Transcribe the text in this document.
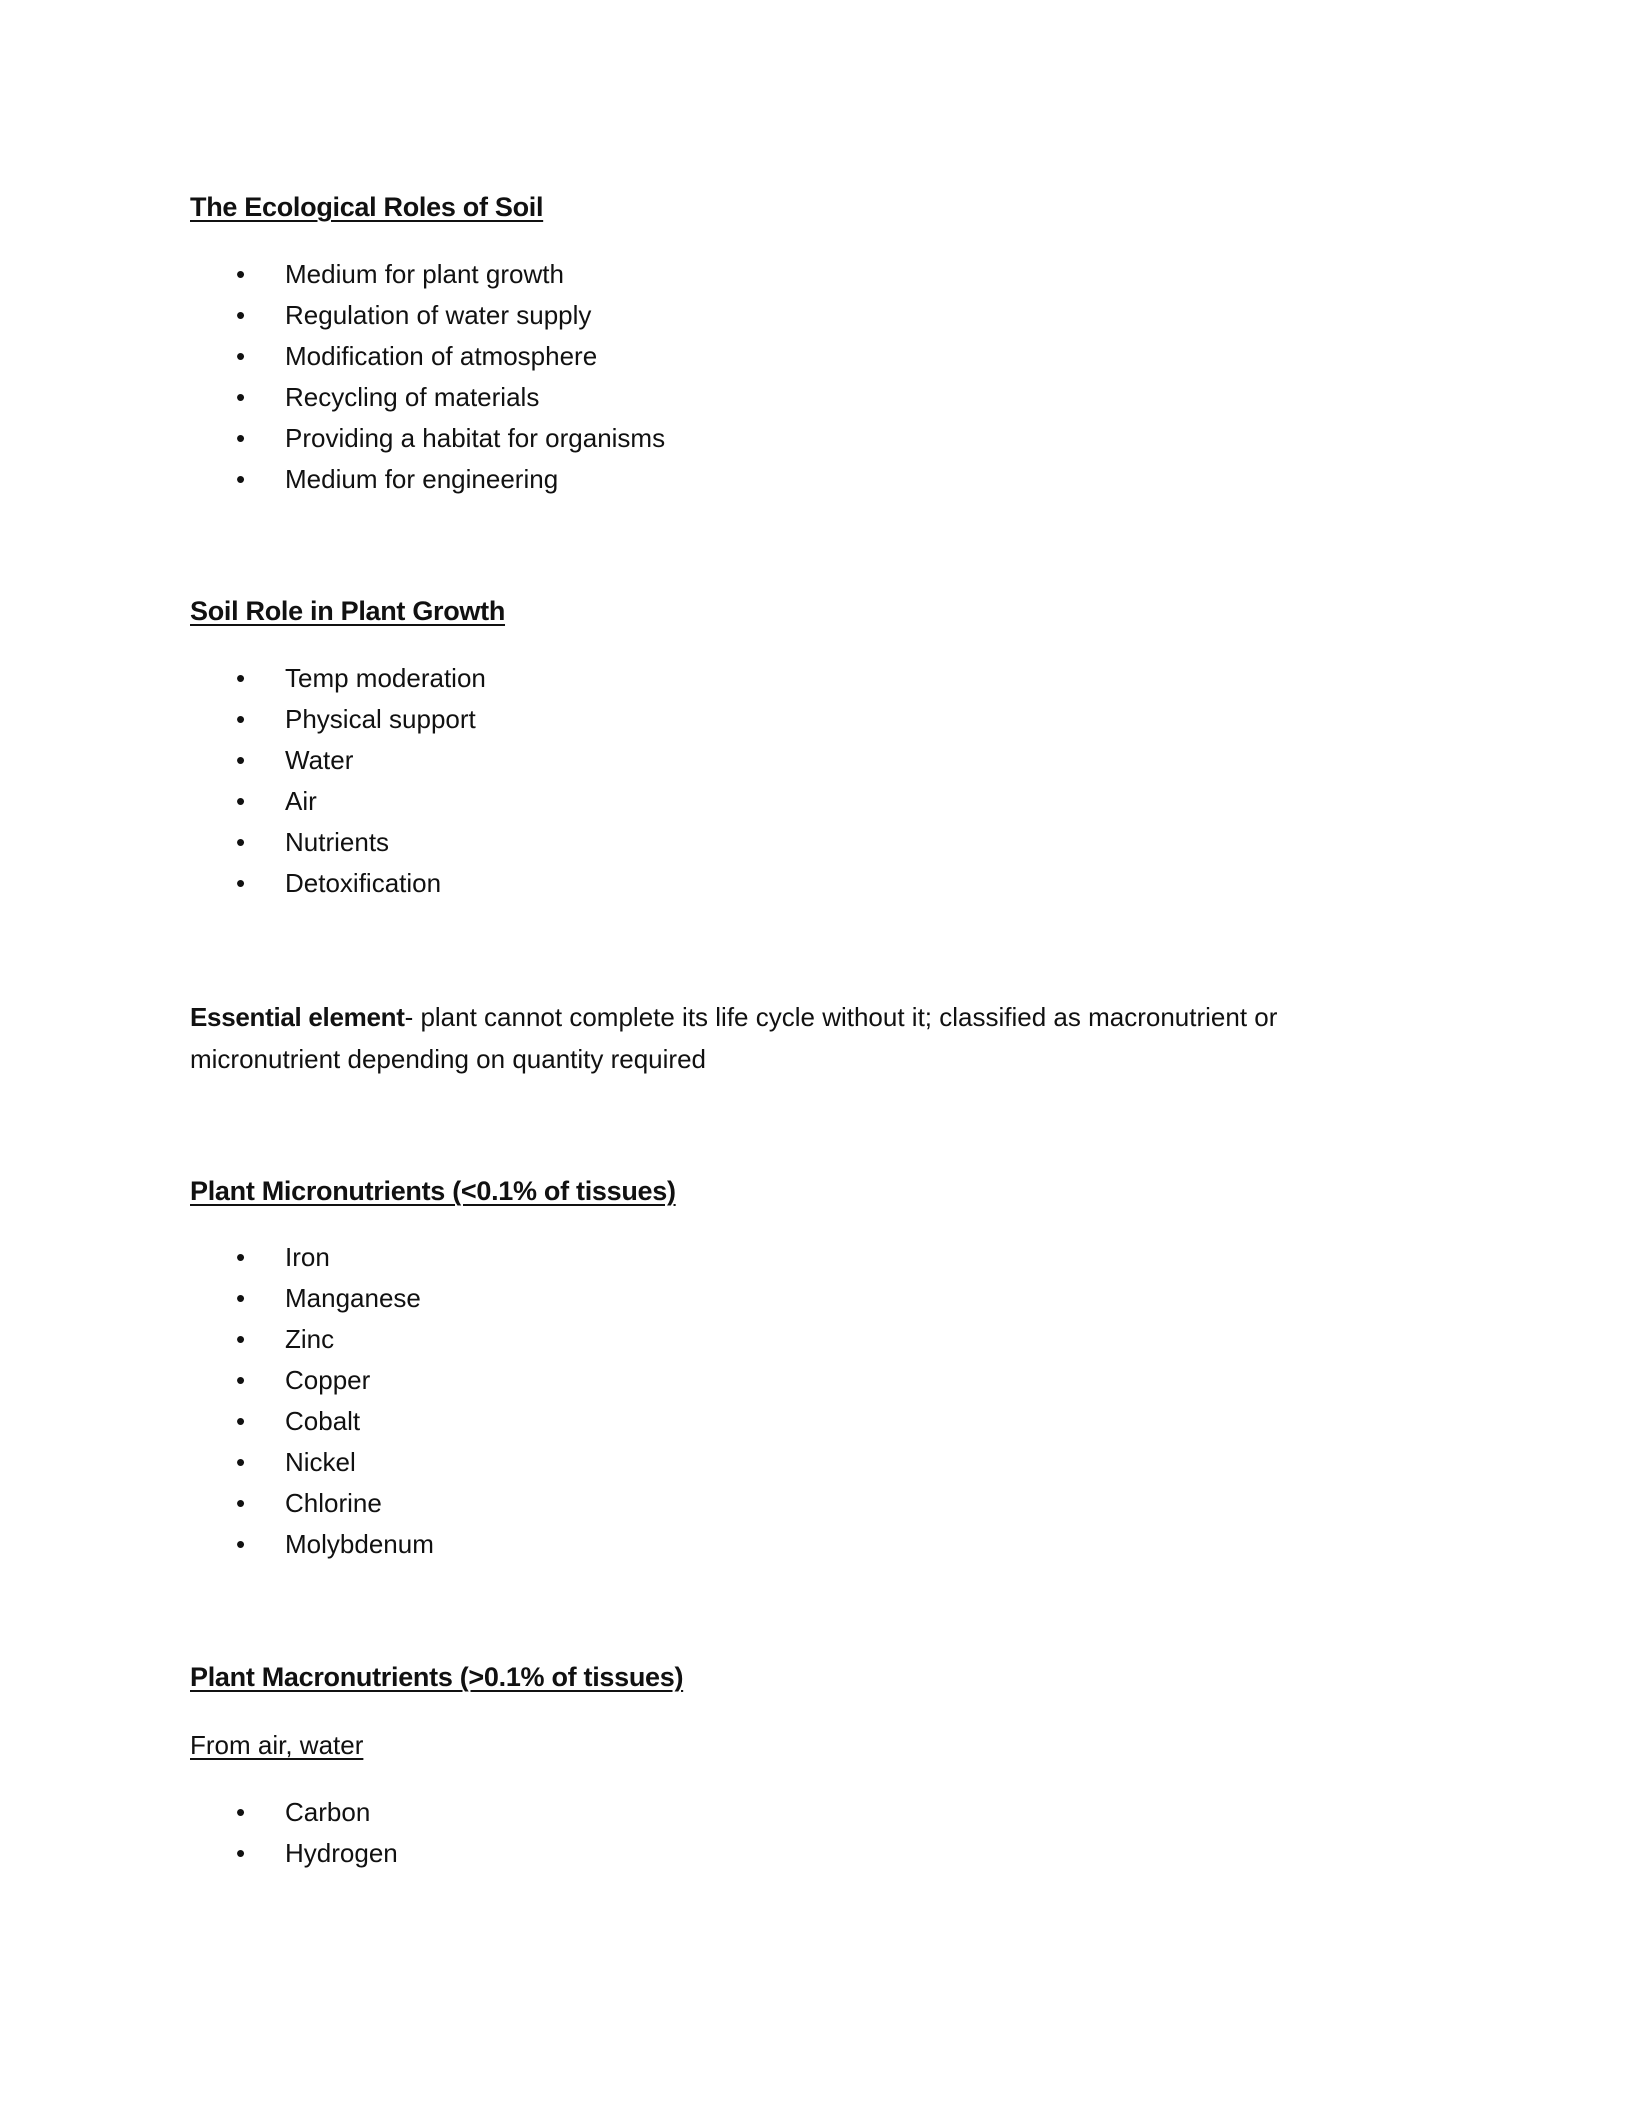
The Ecological Roles of Soil
• Medium for plant growth
• Regulation of water supply
• Modification of atmosphere
• Recycling of materials
• Providing a habitat for organisms
• Medium for engineering
Soil Role in Plant Growth
• Temp moderation
• Physical support
• Water
• Air
• Nutrients
• Detoxification

Essential element- plant cannot complete its life cycle without it; classified as macronutrient or micronutrient depending on quantity required

Plant Micronutrients (<0.1% of tissues)
• Iron
• Manganese
• Zinc
• Copper
• Cobalt
• Nickel
• Chlorine
• Molybdenum
Plant Macronutrients (>0.1% of tissues)

From air, water

• Carbon
• Hydrogen
